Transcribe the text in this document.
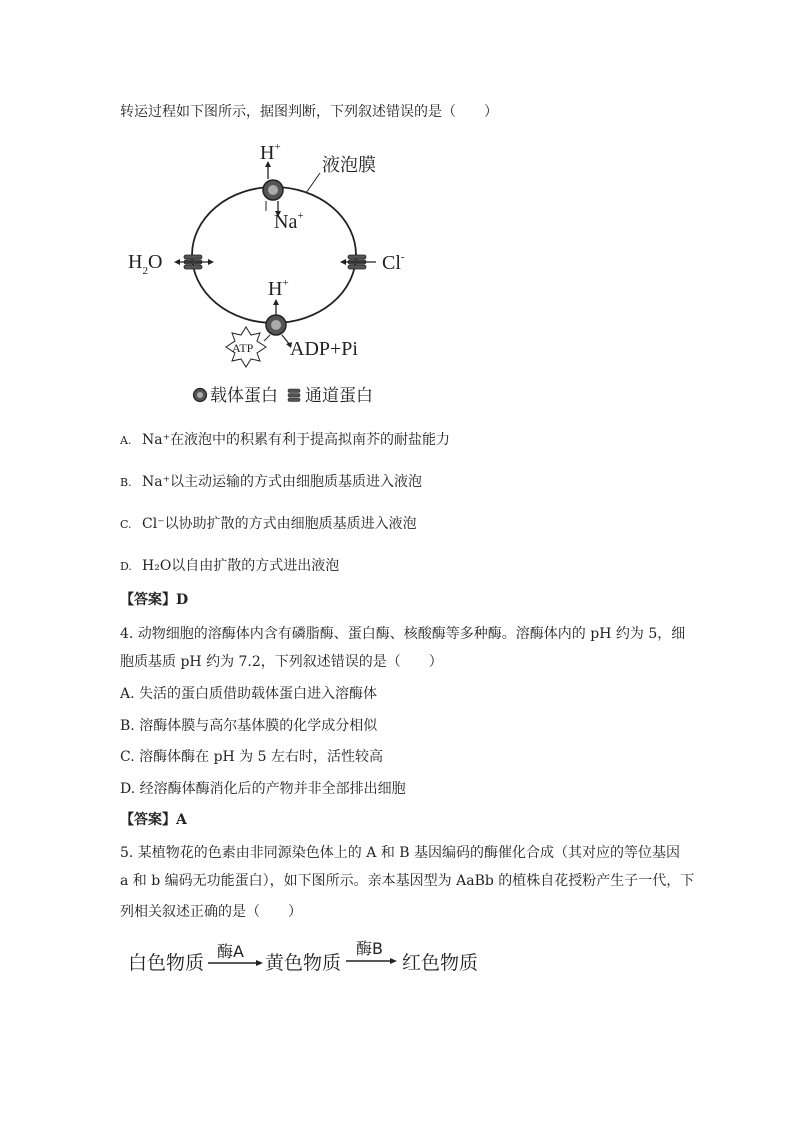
转运过程如下图所示，据图判断，下列叙述错误的是（　　）
液泡膜
H+
Na+
$H_2O$	Cl-
H+
ATP ADP+Pi
载体蛋白 通道蛋白
A. Na⁺在液泡中的积累有利于提高拟南芥的耐盐能力
B. Na⁺以主动运输的方式由细胞质基质进入液泡
C. Cl⁻以协助扩散的方式由细胞质基质进入液泡
D. H₂O以自由扩散的方式进出液泡
【答案】D
4. 动物细胞的溶酶体内含有磷脂酶、蛋白酶、核酸酶等多种酶。溶酶体内的 pH 约为 5，细
胞质基质 pH 约为 7.2，下列叙述错误的是（　　）
A. 失活的蛋白质借助载体蛋白进入溶酶体
B. 溶酶体膜与高尔基体膜的化学成分相似
C. 溶酶体酶在 pH 为 5 左右时，活性较高
D. 经溶酶体酶消化后的产物并非全部排出细胞
【答案】A
5. 某植物花的色素由非同源染色体上的 A 和 B 基因编码的酶催化合成（其对应的等位基因
a 和 b 编码无功能蛋白），如下图所示。亲本基因型为 AaBb 的植株自花授粉产生子一代，下
列相关叙述正确的是（　　）
白色物质
酶A
黄色物质
酶B
红色物质
